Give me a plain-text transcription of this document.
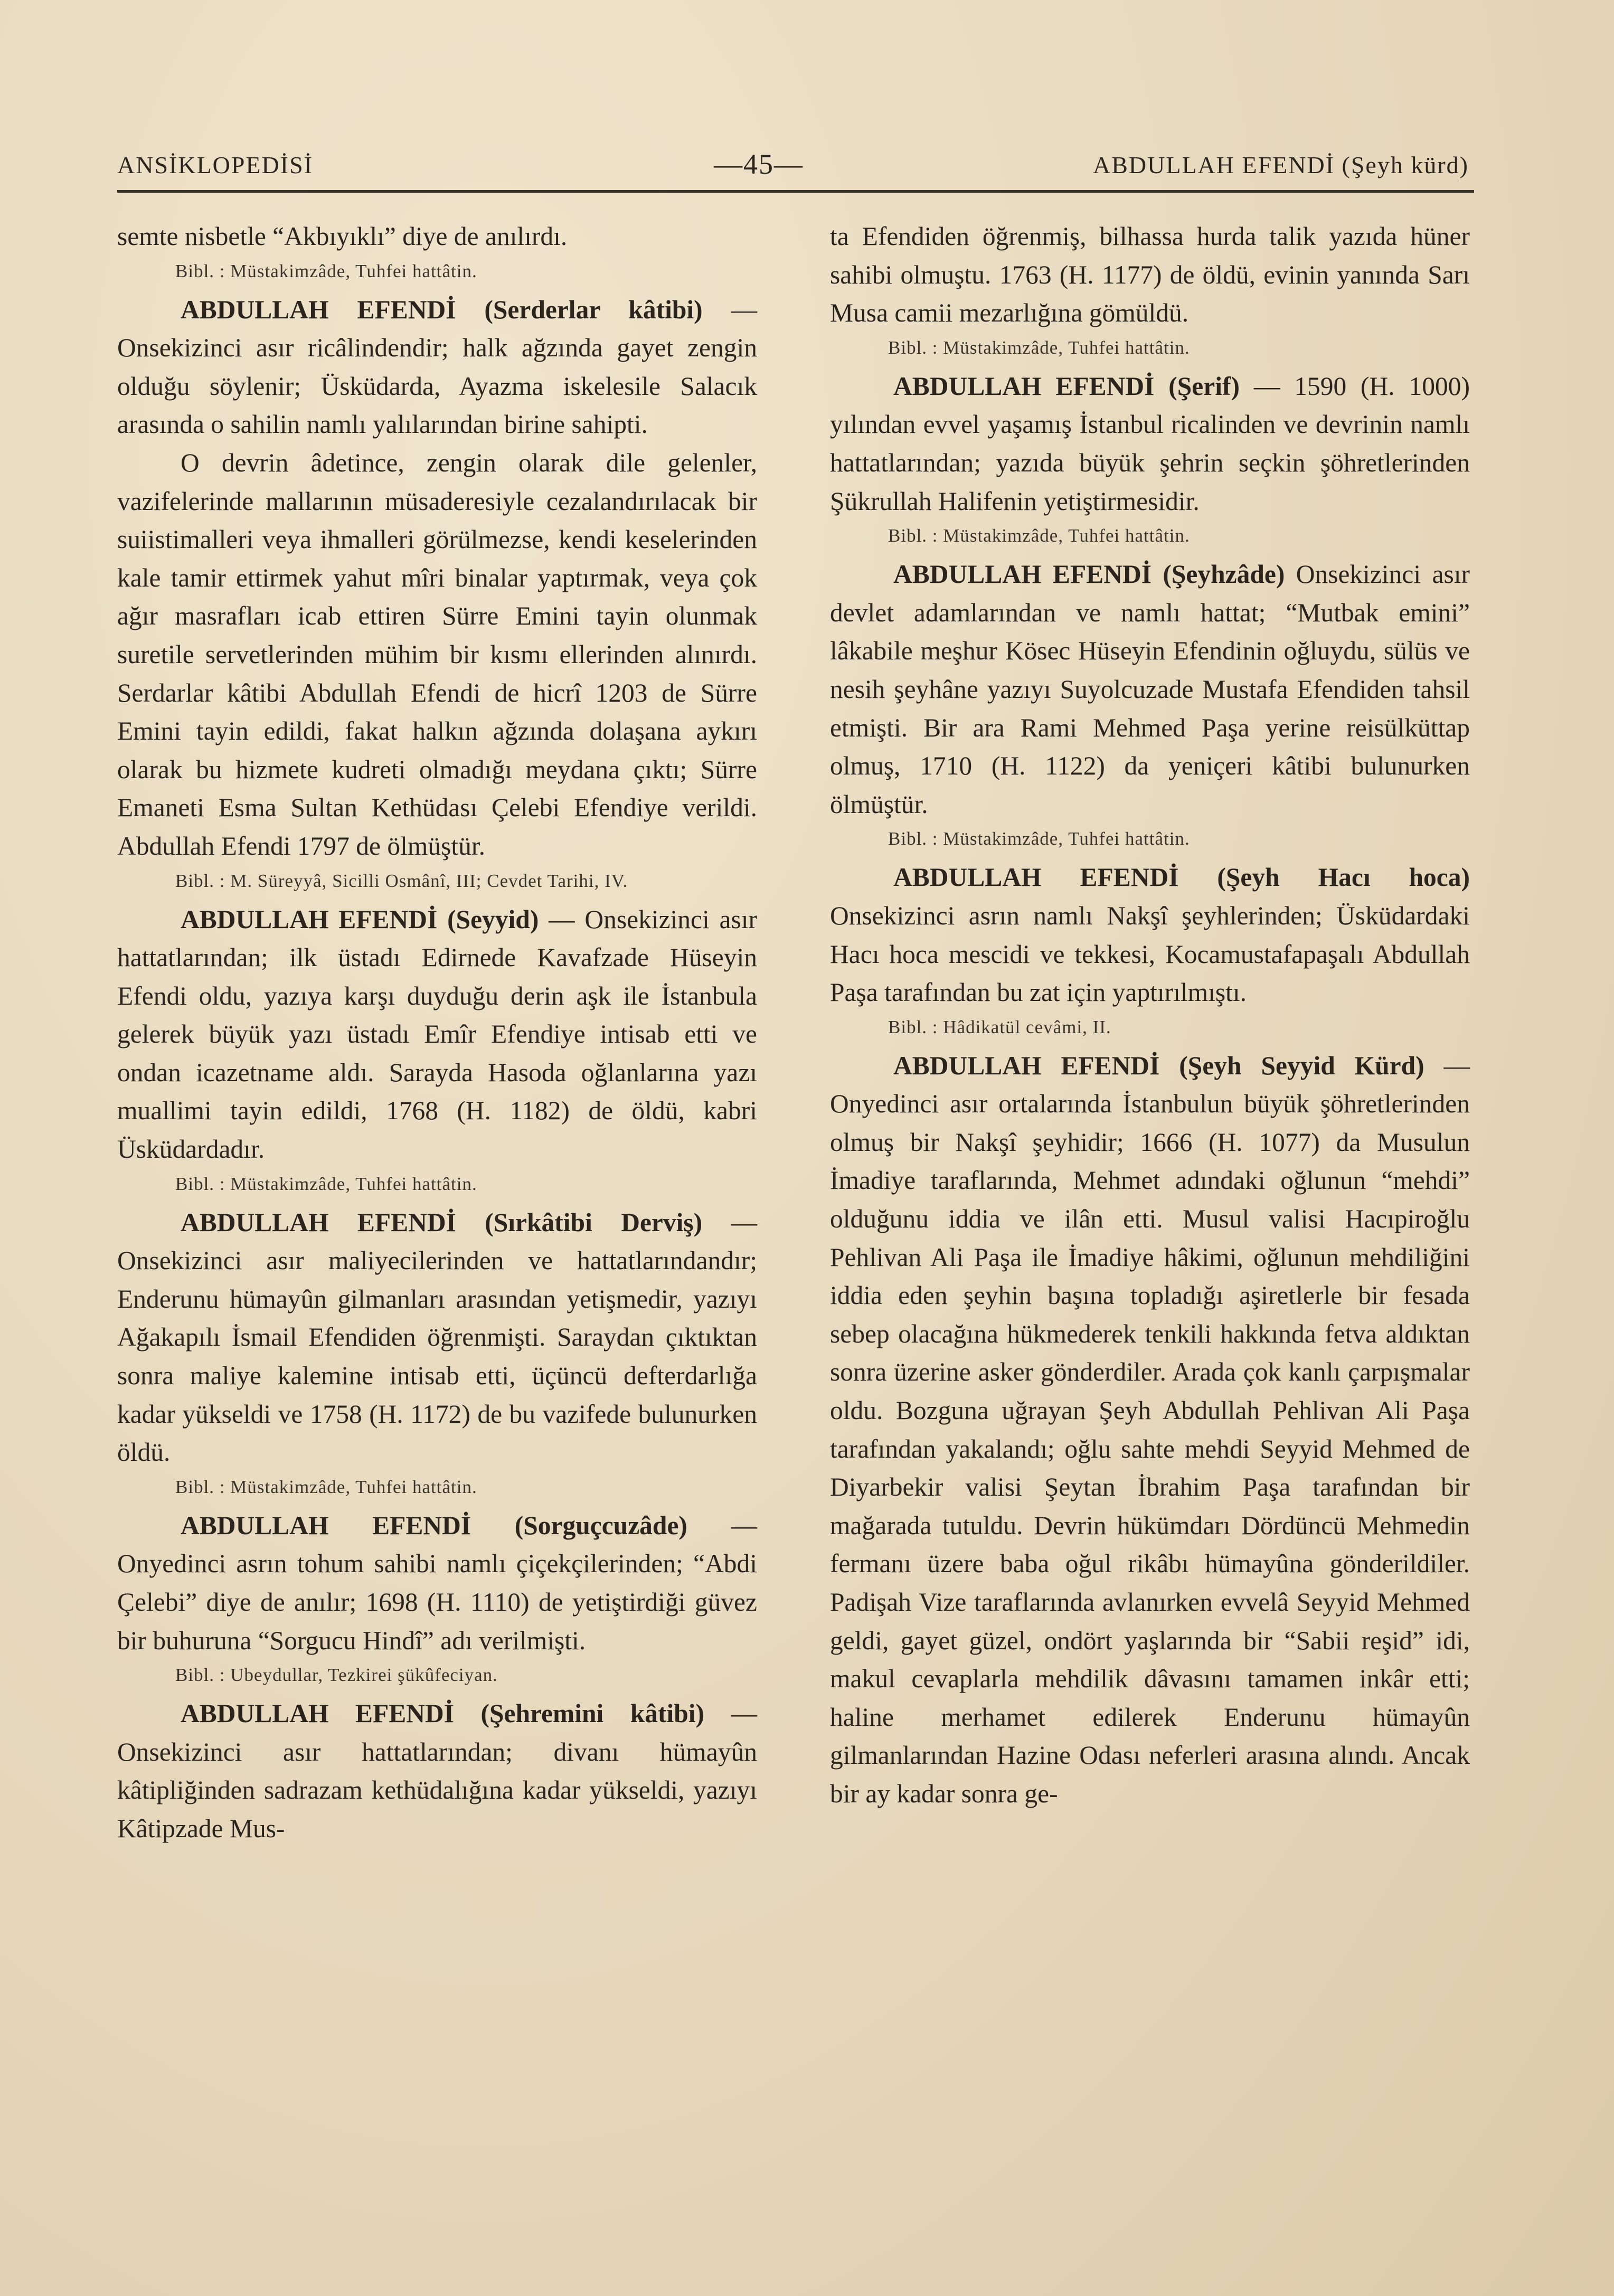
ANSİKLOPEDİSİ	—45—	ABDULLAH EFENDİ (Şeyh kürd)

semte nisbetle “Akbıyıklı” diye de anılırdı.

Bibl. : Müstakimzâde, Tuhfei hattâtin.

ABDULLAH EFENDİ (Serderlar kâtibi) — Onsekizinci asır ricâlindendir; halk ağzında gayet zengin olduğu söylenir; Üsküdarda, Ayazma iskelesile Salacık arasında o sahilin namlı yalılarından birine sahipti.

O devrin âdetince, zengin olarak dile gelenler, vazifelerinde mallarının müsaderesiyle cezalandırılacak bir suiistimalleri veya ihmalleri görülmezse, kendi keselerinden kale tamir ettirmek yahut mîri binalar yaptırmak, veya çok ağır masrafları icab ettiren Sürre Emini tayin olunmak suretile servetlerinden mühim bir kısmı ellerinden alınırdı. Serdarlar kâtibi Abdullah Efendi de hicrî 1203 de Sürre Emini tayin edildi, fakat halkın ağzında dolaşana aykırı olarak bu hizmete kudreti olmadığı meydana çıktı; Sürre Emaneti Esma Sultan Kethüdası Çelebi Efendiye verildi. Abdullah Efendi 1797 de ölmüştür.

Bibl. : M. Süreyyâ, Sicilli Osmânî, III; Cevdet Tarihi, IV.

ABDULLAH EFENDİ (Seyyid) — Onsekizinci asır hattatlarından; ilk üstadı Edirnede Kavafzade Hüseyin Efendi oldu, yazıya karşı duyduğu derin aşk ile İstanbula gelerek büyük yazı üstadı Emîr Efendiye intisab etti ve ondan icazetname aldı. Sarayda Hasoda oğlanlarına yazı muallimi tayin edildi, 1768 (H. 1182) de öldü, kabri Üsküdardadır.

Bibl. : Müstakimzâde, Tuhfei hattâtin.

ABDULLAH EFENDİ (Sırkâtibi Derviş) — Onsekizinci asır maliyecilerinden ve hattatlarındandır; Enderunu hümayûn gilmanları arasından yetişmedir, yazıyı Ağakapılı İsmail Efendiden öğrenmişti. Saraydan çıktıktan sonra maliye kalemine intisab etti, üçüncü defterdarlığa kadar yükseldi ve 1758 (H. 1172) de bu vazifede bulunurken öldü.

Bibl. : Müstakimzâde, Tuhfei hattâtin.

ABDULLAH EFENDİ (Sorguçcuzâde) — Onyedinci asrın tohum sahibi namlı çiçekçilerinden; “Abdi Çelebi” diye de anılır; 1698 (H. 1110) de yetiştirdiği güvez bir buhuruna “Sorgucu Hindî” adı verilmişti.

Bibl. : Ubeydullar, Tezkirei şükûfeciyan.

ABDULLAH EFENDİ (Şehremini kâtibi) — Onsekizinci asır hattatlarından; divanı hümayûn kâtipliğinden sadrazam kethüdalığına kadar yükseldi, yazıyı Kâtipzade Mus-

ta Efendiden öğrenmiş, bilhassa hurda talik yazıda hüner sahibi olmuştu. 1763 (H. 1177) de öldü, evinin yanında Sarı Musa camii mezarlığına gömüldü.

Bibl. : Müstakimzâde, Tuhfei hattâtin.

ABDULLAH EFENDİ (Şerif) — 1590 (H. 1000) yılından evvel yaşamış İstanbul ricalinden ve devrinin namlı hattatlarından; yazıda büyük şehrin seçkin şöhretlerinden Şükrullah Halifenin yetiştirmesidir.

Bibl. : Müstakimzâde, Tuhfei hattâtin.

ABDULLAH EFENDİ (Şeyhzâde) Onsekizinci asır devlet adamlarından ve namlı hattat; “Mutbak emini” lâkabile meşhur Kösec Hüseyin Efendinin oğluydu, sülüs ve nesih şeyhâne yazıyı Suyolcuzade Mustafa Efendiden tahsil etmişti. Bir ara Rami Mehmed Paşa yerine reisülküttap olmuş, 1710 (H. 1122) da yeniçeri kâtibi bulunurken ölmüştür.

Bibl. : Müstakimzâde, Tuhfei hattâtin.

ABDULLAH EFENDİ (Şeyh Hacı hoca) Onsekizinci asrın namlı Nakşî şeyhlerinden; Üsküdardaki Hacı hoca mescidi ve tekkesi, Kocamustafapaşalı Abdullah Paşa tarafından bu zat için yaptırılmıştı.

Bibl. : Hâdikatül cevâmi, II.

ABDULLAH EFENDİ (Şeyh Seyyid Kürd) — Onyedinci asır ortalarında İstanbulun büyük şöhretlerinden olmuş bir Nakşî şeyhidir; 1666 (H. 1077) da Musulun İmadiye taraflarında, Mehmet adındaki oğlunun “mehdi” olduğunu iddia ve ilân etti. Musul valisi Hacıpiroğlu Pehlivan Ali Paşa ile İmadiye hâkimi, oğlunun mehdiliğini iddia eden şeyhin başına topladığı aşiretlerle bir fesada sebep olacağına hükmederek tenkili hakkında fetva aldıktan sonra üzerine asker gönderdiler. Arada çok kanlı çarpışmalar oldu. Bozguna uğrayan Şeyh Abdullah Pehlivan Ali Paşa tarafından yakalandı; oğlu sahte mehdi Seyyid Mehmed de Diyarbekir valisi Şeytan İbrahim Paşa tarafından bir mağarada tutuldu. Devrin hükümdarı Dördüncü Mehmedin fermanı üzere baba oğul rikâbı hümayûna gönderildiler. Padişah Vize taraflarında avlanırken evvelâ Seyyid Mehmed geldi, gayet güzel, ondört yaşlarında bir “Sabii reşid” idi, makul cevaplarla mehdilik dâvasını tamamen inkâr etti; haline merhamet edilerek Enderunu hümayûn gilmanlarından Hazine Odası neferleri arasına alındı. Ancak bir ay kadar sonra ge-
